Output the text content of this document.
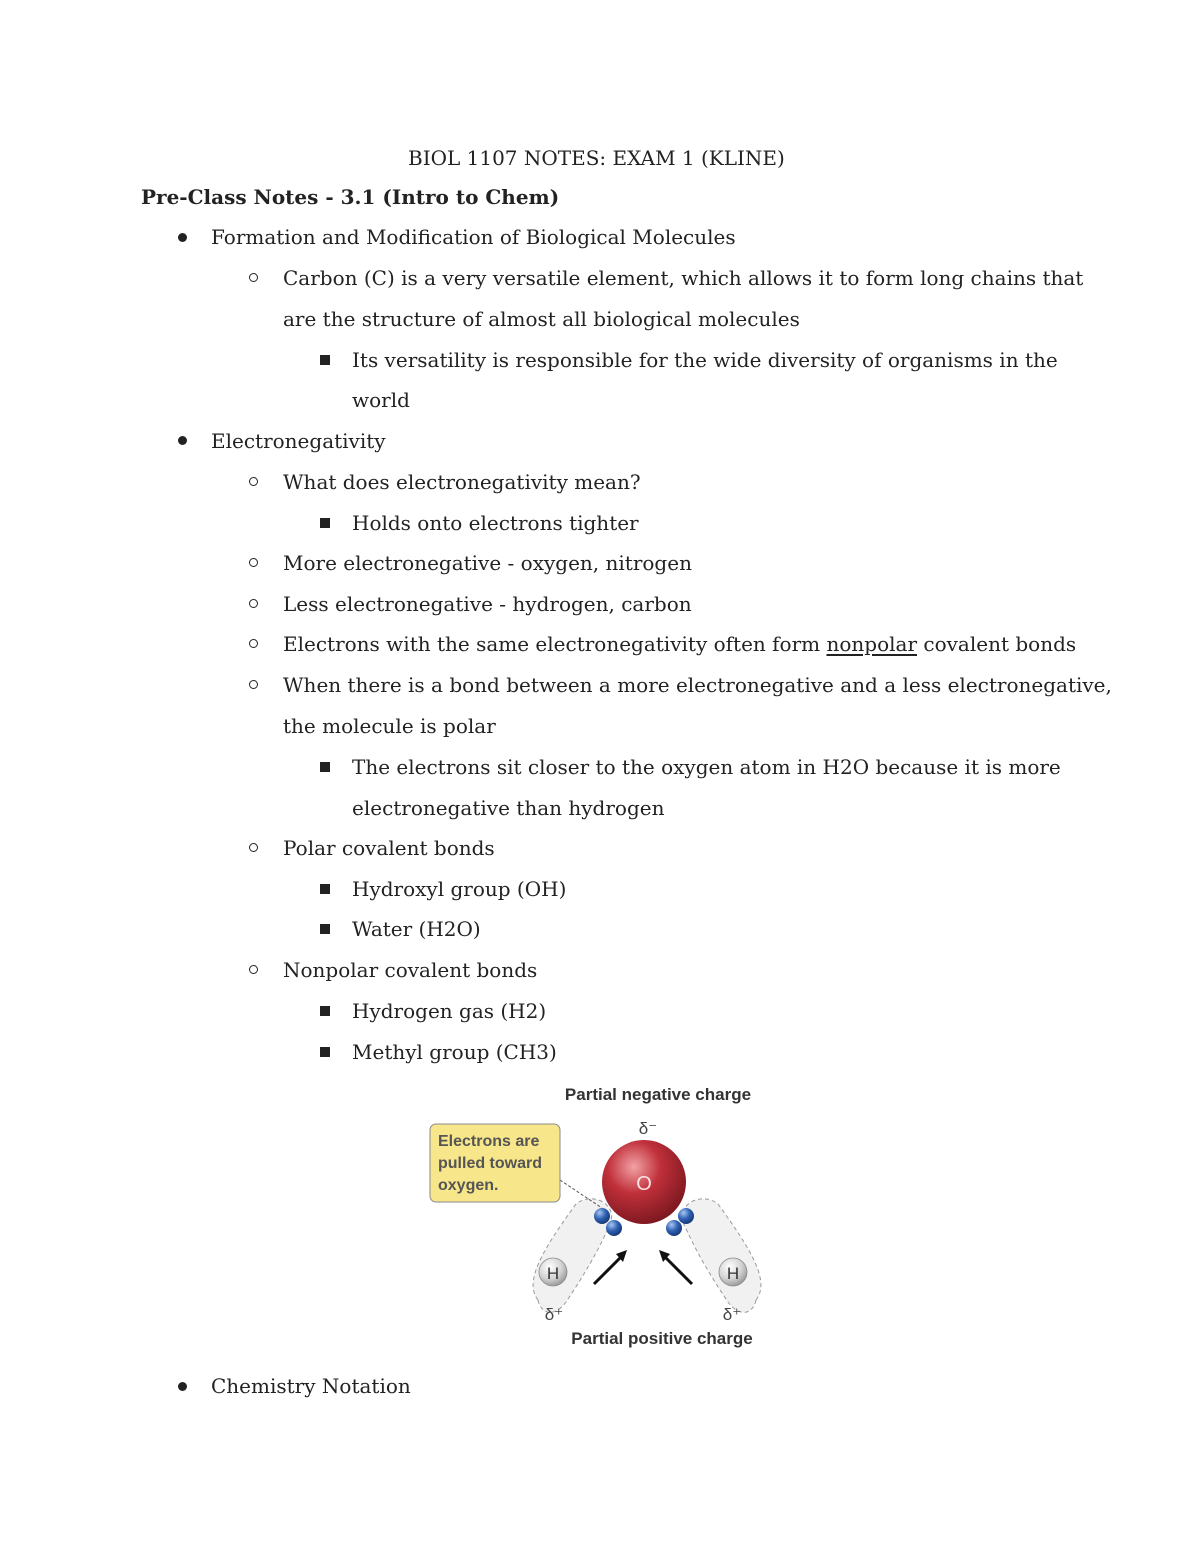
BIOL 1107 NOTES: EXAM 1 (KLINE)
Pre-Class Notes - 3.1 (Intro to Chem)
Formation and Modification of Biological Molecules
Carbon (C) is a very versatile element, which allows it to form long chains that
are the structure of almost all biological molecules
Its versatility is responsible for the wide diversity of organisms in the
world
Electronegativity
What does electronegativity mean?
Holds onto electrons tighter
More electronegative - oxygen, nitrogen
Less electronegative - hydrogen, carbon
Electrons with the same electronegativity often form nonpolar covalent bonds
When there is a bond between a more electronegative and a less electronegative,
the molecule is polar
The electrons sit closer to the oxygen atom in H2O because it is more
electronegative than hydrogen
Polar covalent bonds
Hydroxyl group (OH)
Water (H2O)
Nonpolar covalent bonds
Hydrogen gas (H2)
Methyl group (CH3)
Partial negative charge
δ⁻
O
H	H
δ⁺	δ⁺
Partial positive charge
Electrons are
pulled toward
oxygen.
Chemistry Notation
